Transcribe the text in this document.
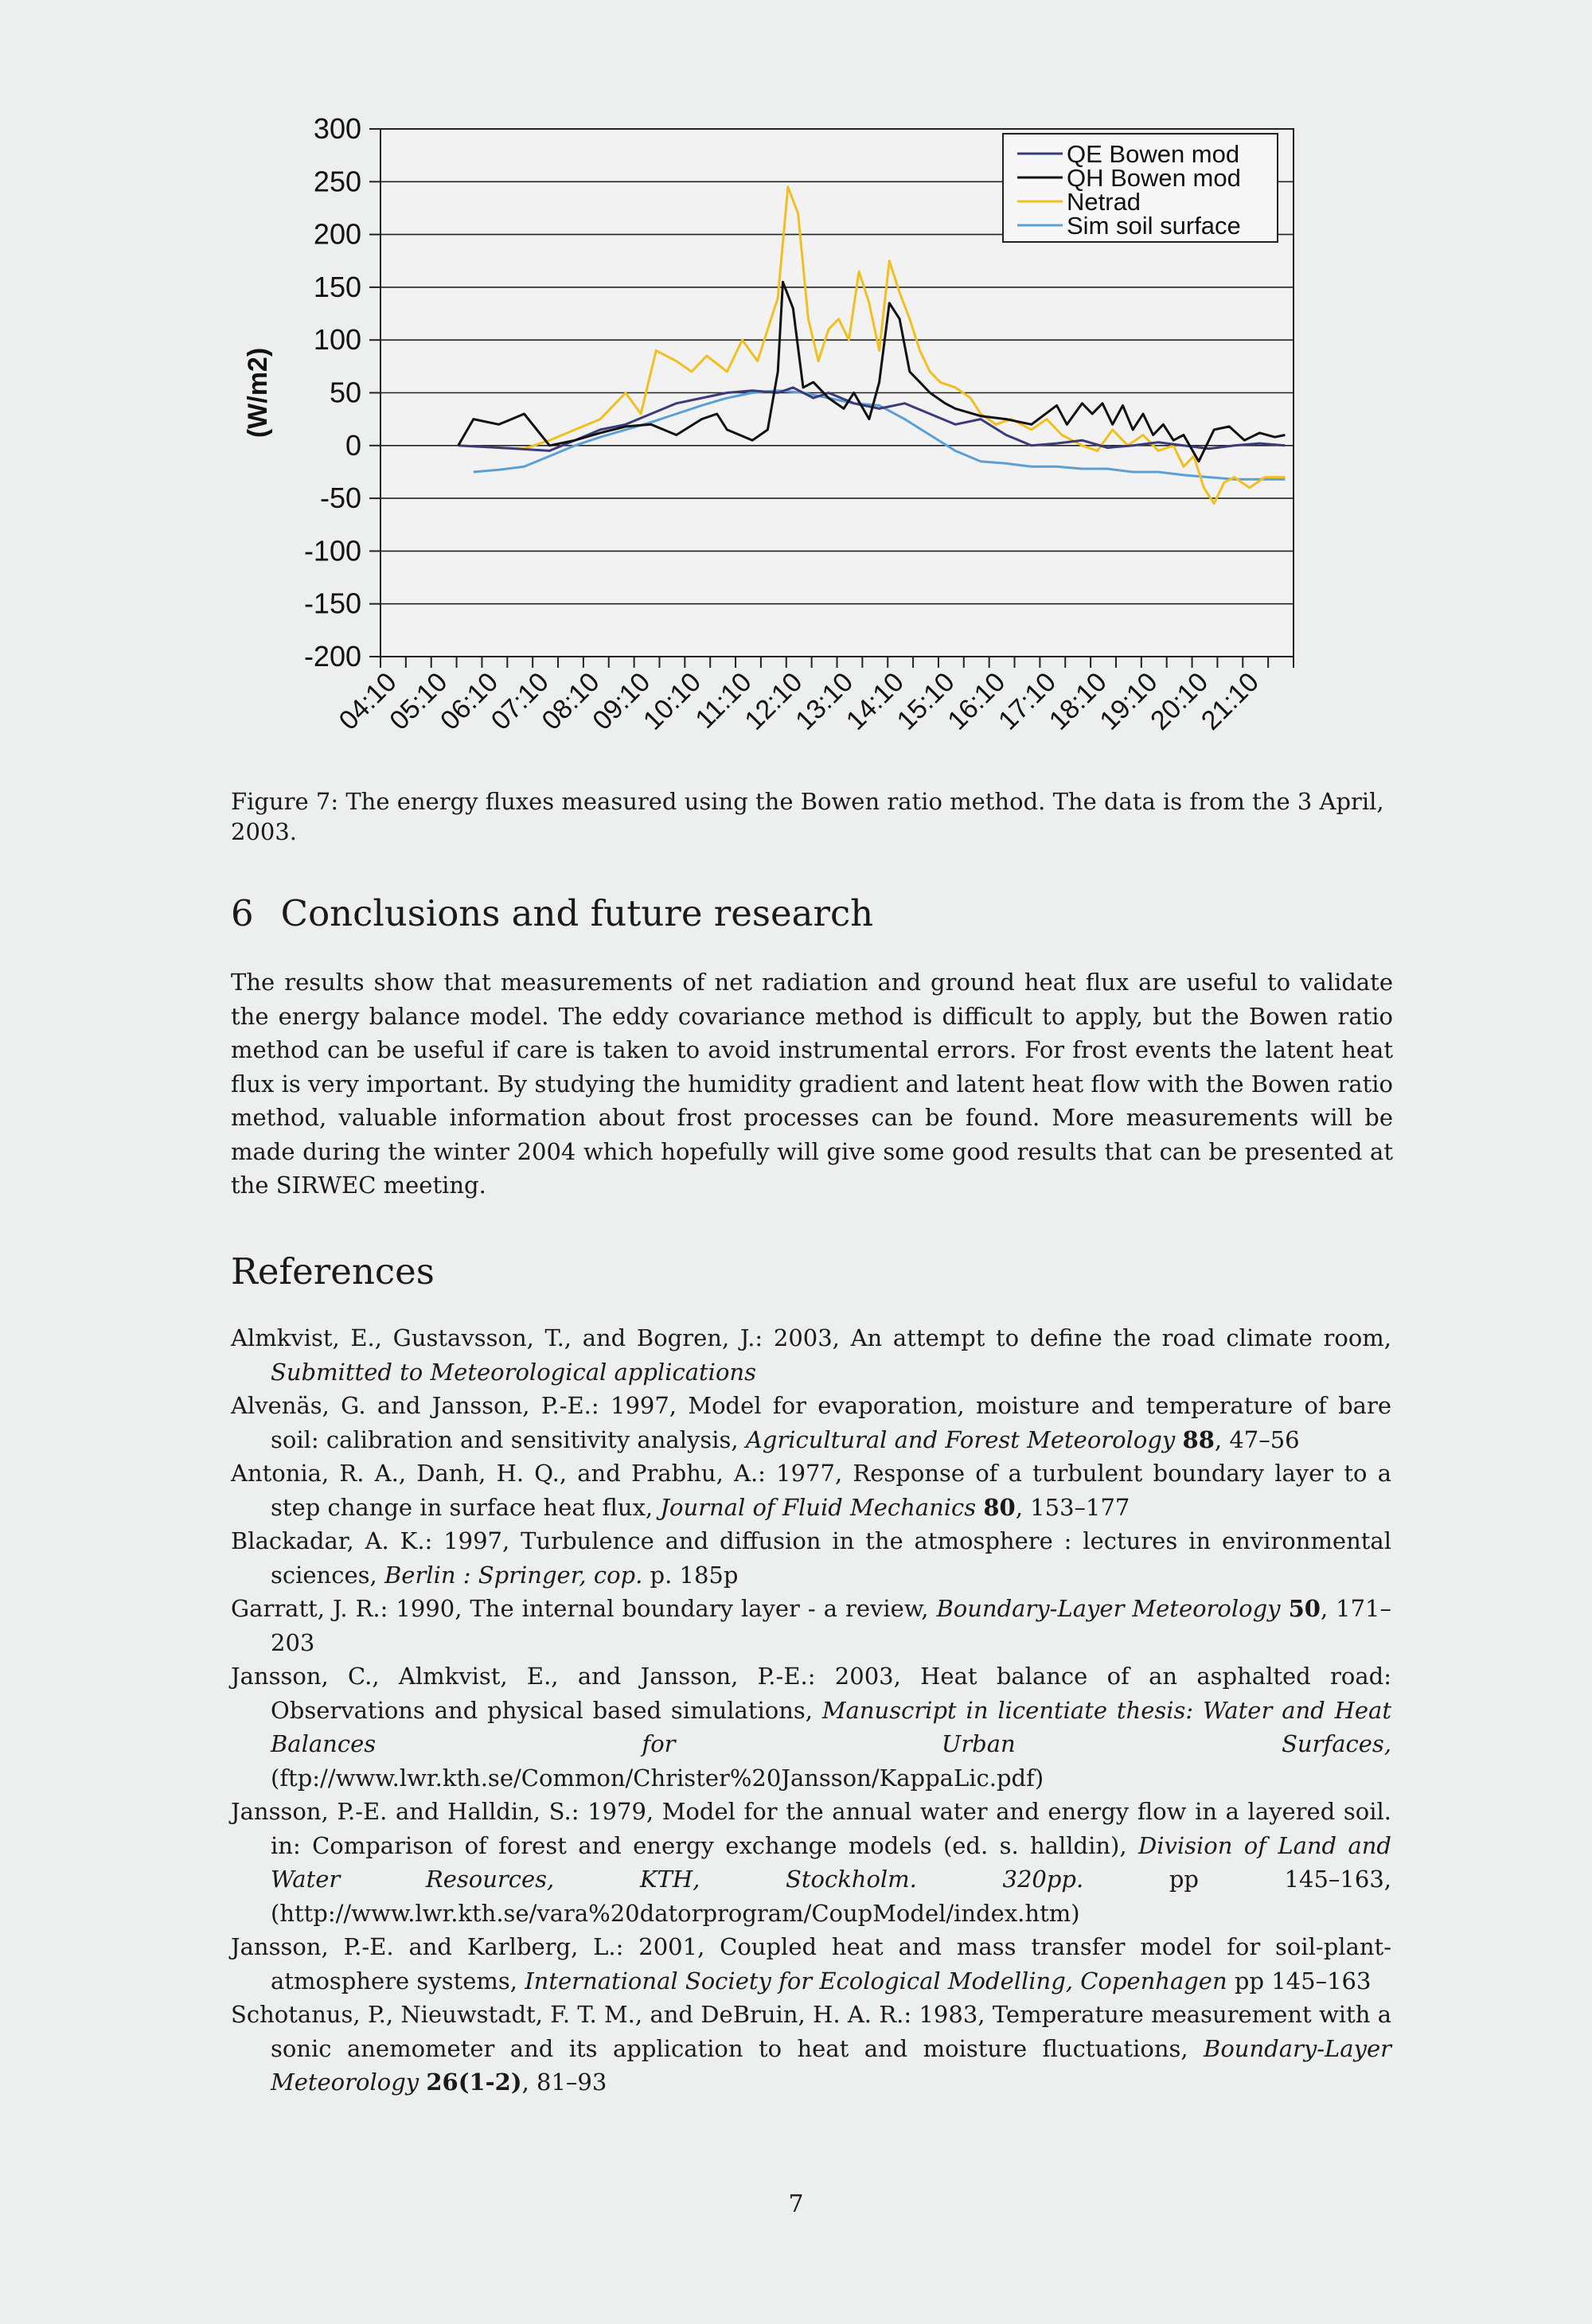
300
250
200
150
100
50
0
-50
-100
-150
-200
(W/m2)
04:10
05:10
06:10
07:10
08:10
09:10
10:10
11:10
12:10
13:10
14:10
15:10
16:10
17:10
18:10
19:10
20:10
21:10
QE Bowen mod
QH Bowen mod
Netrad
Sim soil surface
Figure 7: The energy fluxes measured using the Bowen ratio method. The data is from the 3 April, 2003.
6 Conclusions and future research

The results show that measurements of net radiation and ground heat flux are useful to validate the energy balance model. The eddy covariance method is difficult to apply, but the Bowen ratio method can be useful if care is taken to avoid instrumental errors. For frost events the latent heat flux is very important. By studying the humidity gradient and latent heat flow with the Bowen ratio method, valuable information about frost processes can be found. More measurements will be made during the winter 2004 which hopefully will give some good results that can be presented at the SIRWEC meeting.

References
Almkvist, E., Gustavsson, T., and Bogren, J.: 2003, An attempt to define the road climate room, Submitted to Meteorological applications
Alvenäs, G. and Jansson, P.-E.: 1997, Model for evaporation, moisture and temperature of bare soil: calibration and sensitivity analysis, Agricultural and Forest Meteorology 88, 47–56
Antonia, R. A., Danh, H. Q., and Prabhu, A.: 1977, Response of a turbulent boundary layer to a step change in surface heat flux, Journal of Fluid Mechanics 80, 153–177
Blackadar, A. K.: 1997, Turbulence and diffusion in the atmosphere : lectures in environmental sciences, Berlin : Springer, cop. p. 185p
Garratt, J. R.: 1990, The internal boundary layer - a review, Boundary-Layer Meteorology 50, 171–203
Jansson, C., Almkvist, E., and Jansson, P.-E.: 2003, Heat balance of an asphalted road: Observations and physical based simulations, Manuscript in licentiate thesis: Water and Heat Balances for Urban Surfaces, (ftp://www.lwr.kth.se/Common/Christer%20Jansson/KappaLic.pdf)
Jansson, P.-E. and Halldin, S.: 1979, Model for the annual water and energy flow in a layered soil. in: Comparison of forest and energy exchange models (ed. s. halldin), Division of Land and Water Resources, KTH, Stockholm. 320pp. pp 145–163, (http://www.lwr.kth.se/vara%20datorprogram/CoupModel/index.htm)
Jansson, P.-E. and Karlberg, L.: 2001, Coupled heat and mass transfer model for soil-plant-atmosphere systems, International Society for Ecological Modelling, Copenhagen pp 145–163
Schotanus, P., Nieuwstadt, F. T. M., and DeBruin, H. A. R.: 1983, Temperature measurement with a sonic anemometer and its application to heat and moisture fluctuations, Boundary-Layer Meteorology 26(1-2), 81–93
7
